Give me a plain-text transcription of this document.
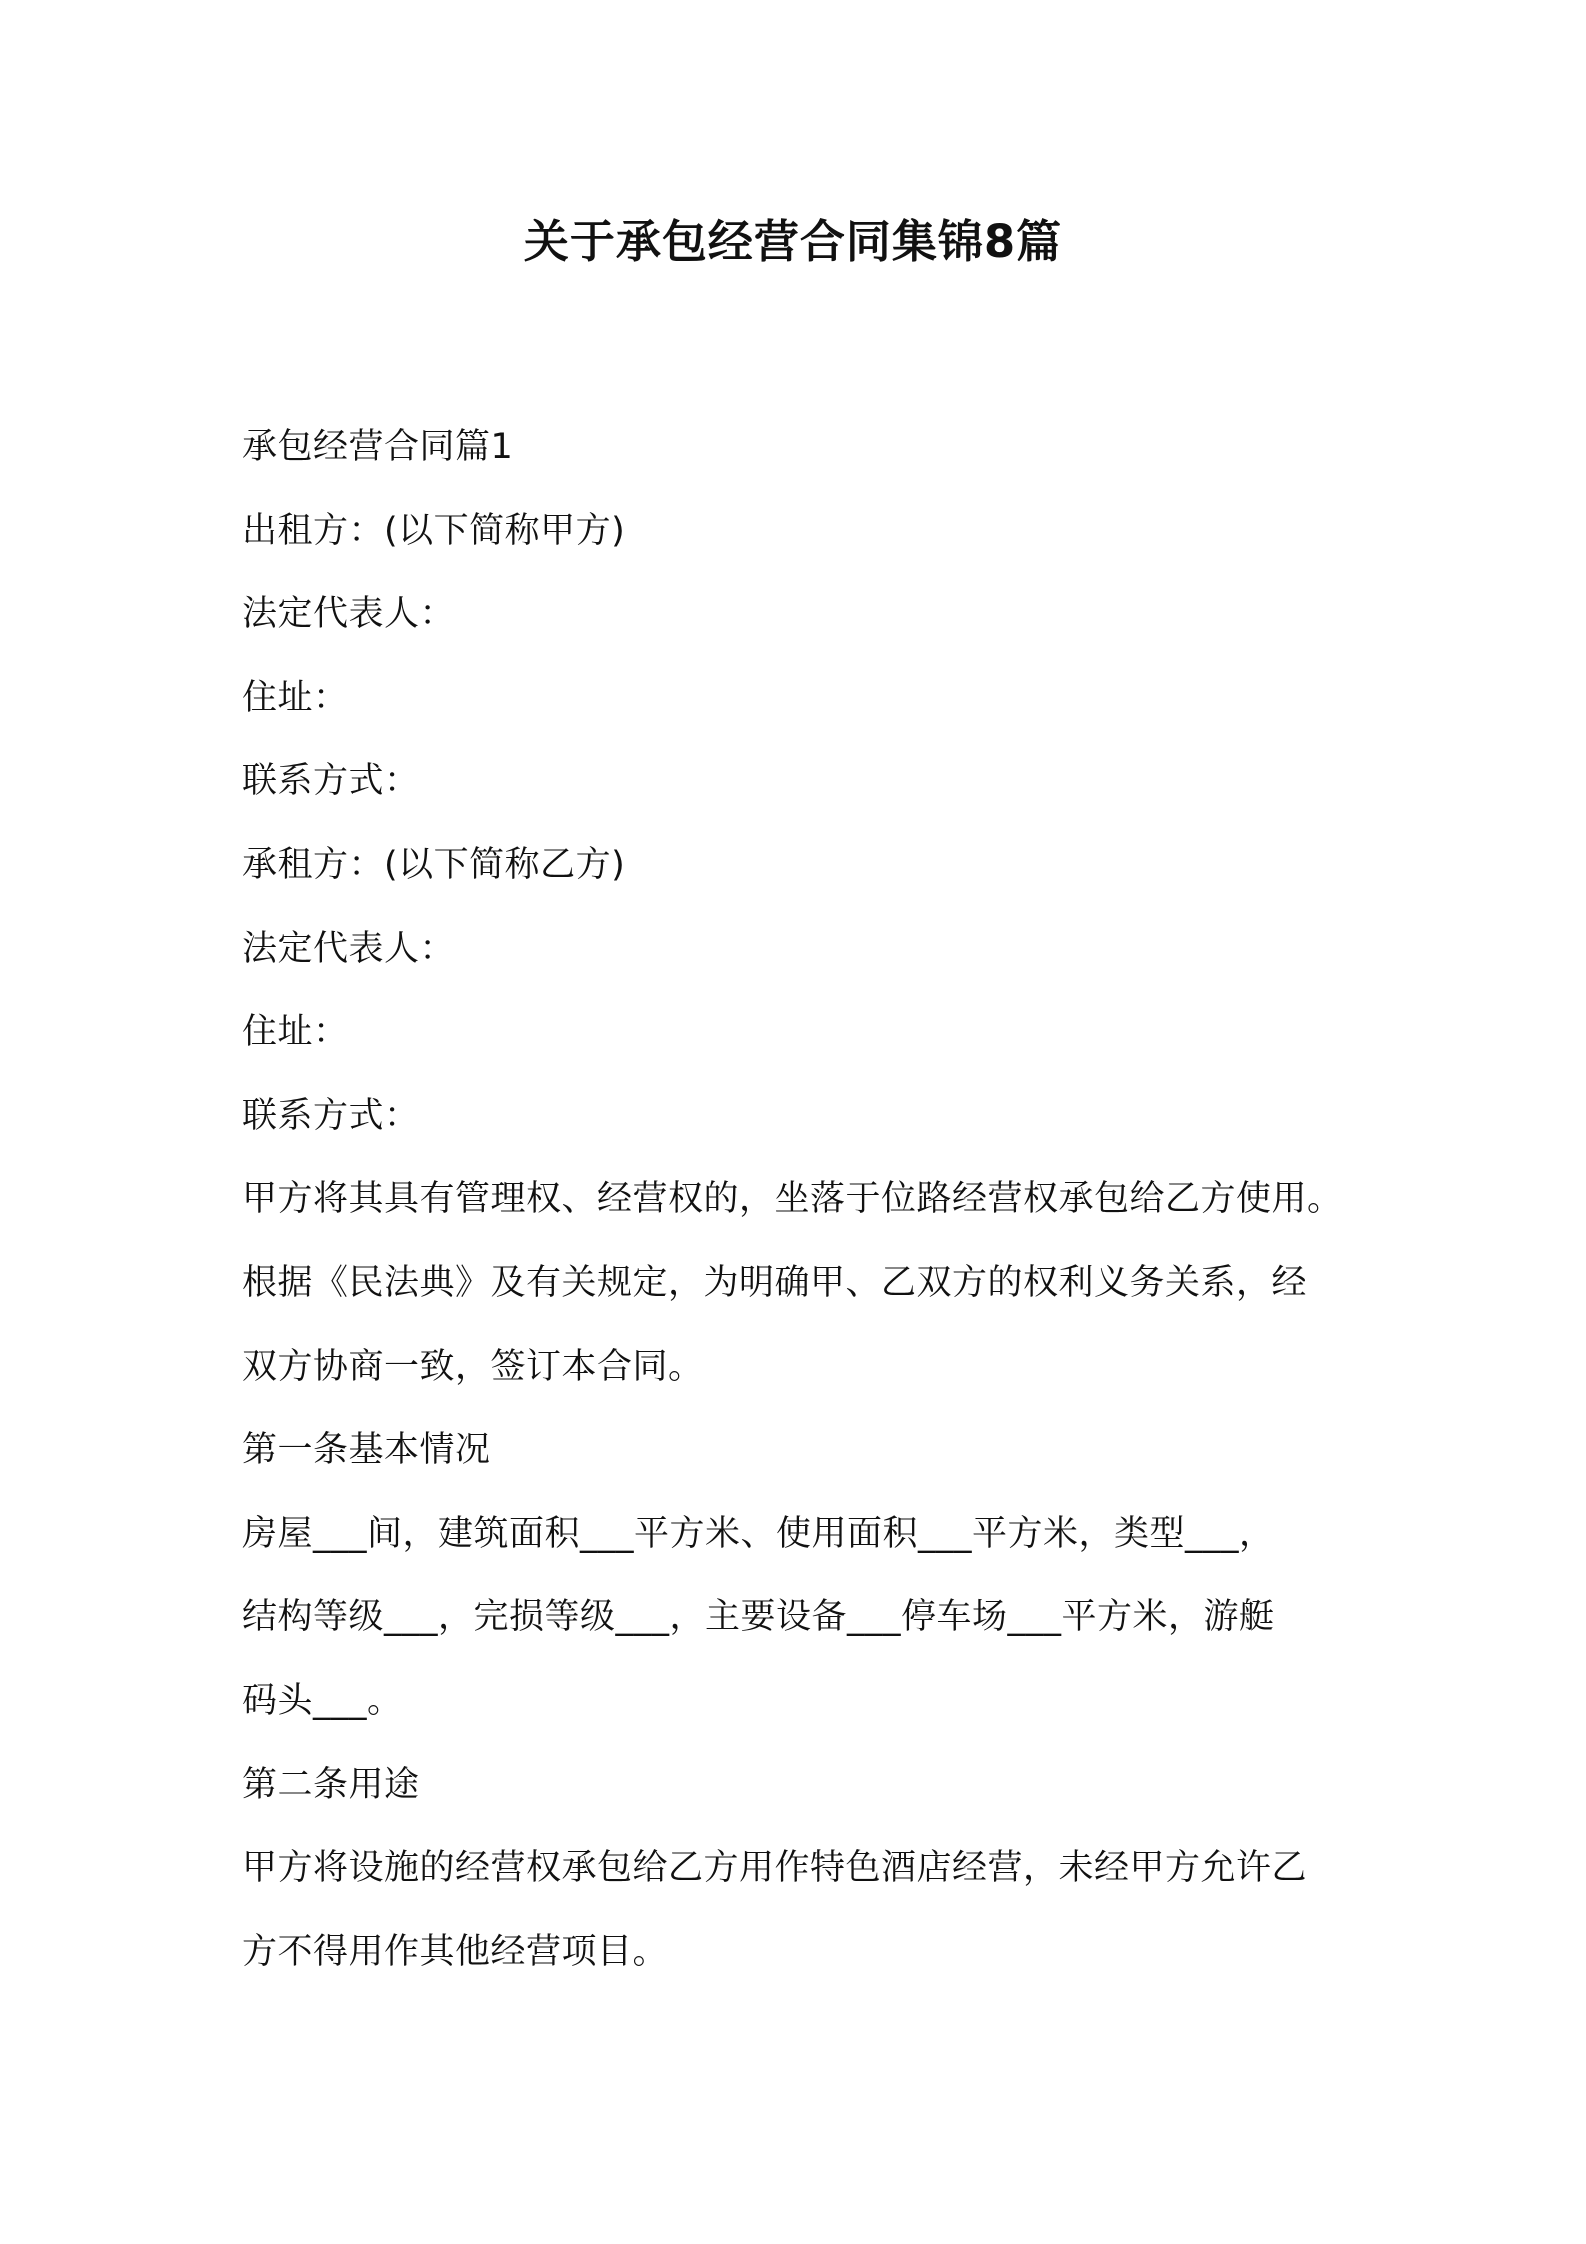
关于承包经营合同集锦8篇
承包经营合同篇1
出租方：(以下简称甲方)
法定代表人：
住址：
联系方式：
承租方：(以下简称乙方)
法定代表人：
住址：
联系方式：
甲方将其具有管理权、经营权的，坐落于位路经营权承包给乙方使用。
根据《民法典》及有关规定，为明确甲、乙双方的权利义务关系，经
双方协商一致，签订本合同。
第一条基本情况
房屋___间，建筑面积___平方米、使用面积___平方米，类型___，
结构等级___，完损等级___，主要设备___停车场___平方米，游艇
码头___。
第二条用途
甲方将设施的经营权承包给乙方用作特色酒店经营，未经甲方允许乙
方不得用作其他经营项目。
